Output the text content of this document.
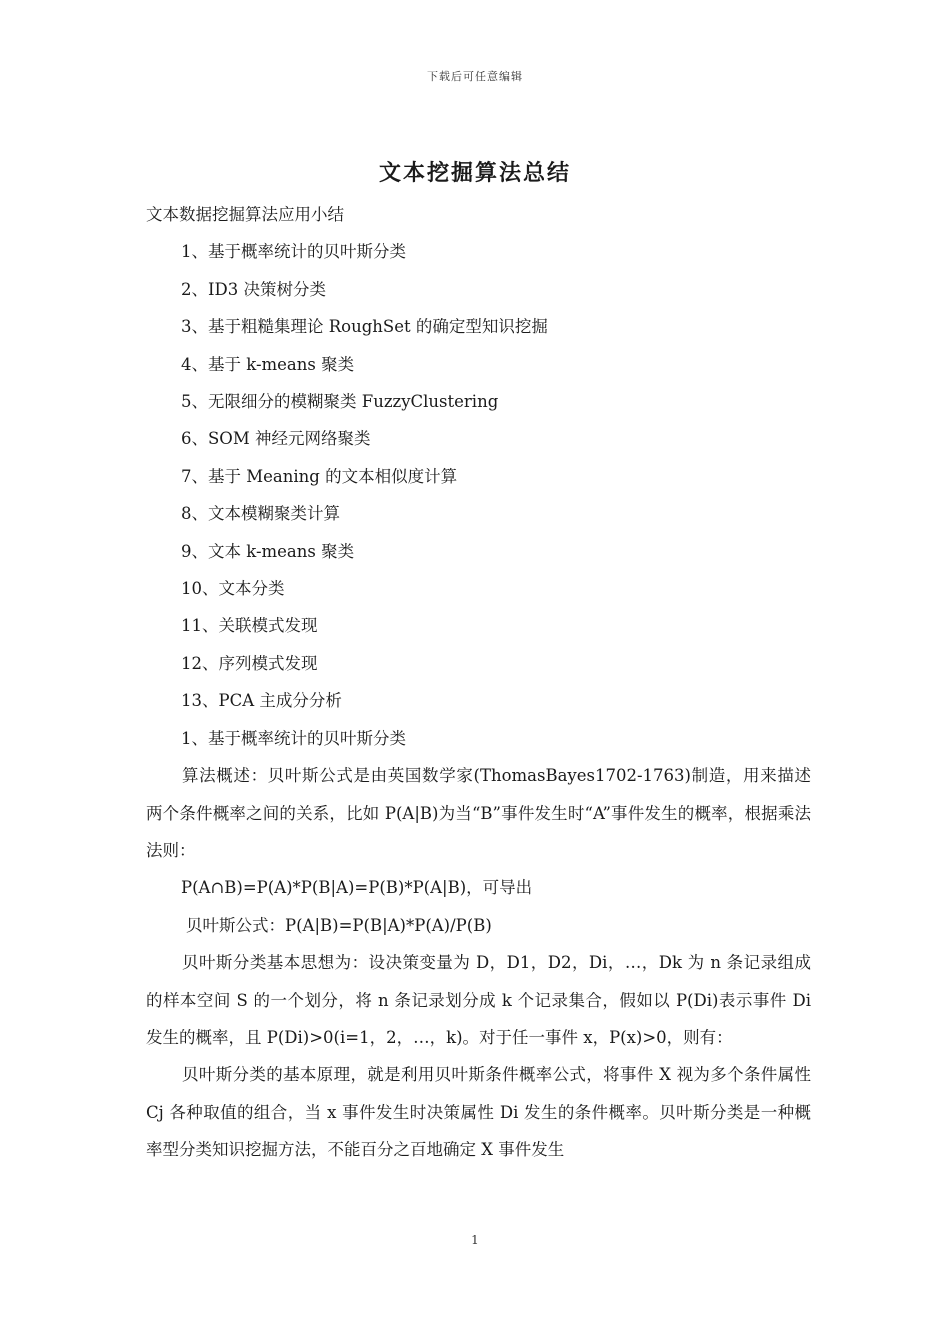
下载后可任意编辑
文本挖掘算法总结

文本数据挖掘算法应用小结

1、基于概率统计的贝叶斯分类

2、ID3 决策树分类

3、基于粗糙集理论 RoughSet 的确定型知识挖掘

4、基于 k-means 聚类

5、无限细分的模糊聚类 FuzzyClustering

6、SOM 神经元网络聚类

7、基于 Meaning 的文本相似度计算

8、文本模糊聚类计算

9、文本 k-means 聚类

10、文本分类

11、关联模式发现

12、序列模式发现

13、PCA 主成分分析

1、基于概率统计的贝叶斯分类

算法概述：贝叶斯公式是由英国数学家(ThomasBayes1702-1763)制造，用来描述两个条件概率之间的关系，比如 P(A|B)为当“B”事件发生时“A”事件发生的概率，根据乘法法则：

P(A∩B)=P(A)*P(B|A)=P(B)*P(A|B)，可导出

贝叶斯公式：P(A|B)=P(B|A)*P(A)/P(B)

贝叶斯分类基本思想为：设决策变量为 D，D1，D2，Di，…，Dk 为 n 条记录组成的样本空间 S 的一个划分，将 n 条记录划分成 k 个记录集合，假如以 P(Di)表示事件 Di 发生的概率，且 P(Di)>0(i=1，2，…，k)。对于任一事件 x，P(x)>0，则有：

贝叶斯分类的基本原理，就是利用贝叶斯条件概率公式，将事件 X 视为多个条件属性 Cj 各种取值的组合，当 x 事件发生时决策属性 Di 发生的条件概率。贝叶斯分类是一种概率型分类知识挖掘方法，不能百分之百地确定 X 事件发生

1
